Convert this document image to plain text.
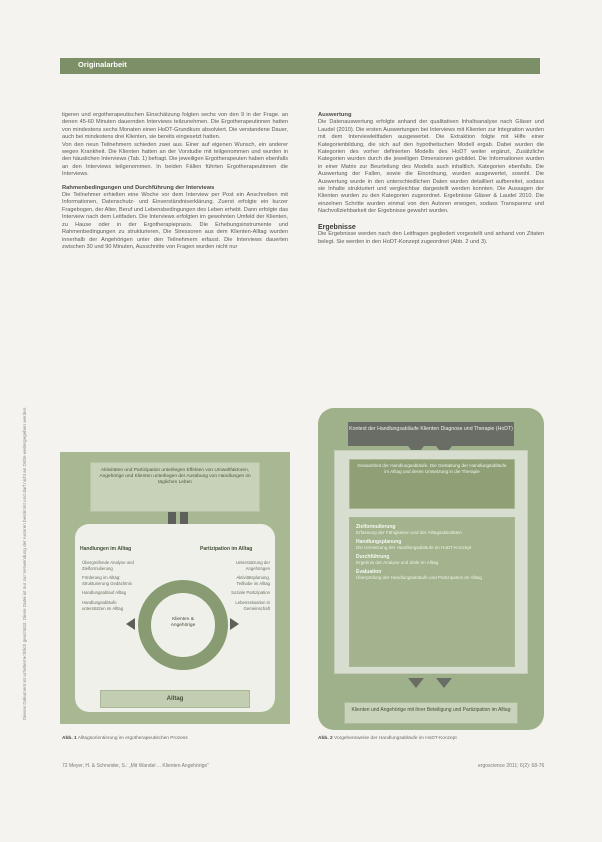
Originalarbeit
Dieses Dokument ist urheberrechtlich geschützt. Diese Datei ist nur zur Verwendung der Autoren bestimmt und darf nicht an Dritte weitergegeben werden.

tigeren und ergotherapeutischen Einschätzung folgten sechs von den 9 in der Frage. an denen 45-60 Minuten dauernden Interviews teilzunehmen. Die Ergotherapeutinnen hatten von mindestens sechs Monaten einen HoDT-Grundkurs absolviert. Die verstandene Dauer, auch bei mindestens drei Klienten, sie bereits eingesetzt hatten.

Von den neun Teilnehmern schieden zwei aus. Einer auf eigenen Wunsch, ein anderer wegen Krankheit. Die Klienten hatten an der Vorstudie mit teilgenommen und wurden in den häuslichen Interviews (Tab. 1) befragt. Die jeweiligen Ergotherapeuten haben ebenfalls an den Interviews teilgenommen. In beiden Fällen führten Ergotherapeutinnen die Interviews.

Rahmenbedingungen und Durchführung der Interviews

Die Teilnehmer erhielten eine Woche vor dem Interview per Post ein Anschreiben mit Informationen, Datenschutz- und Einverständniserklärung. Zuerst erfolgte ein kurzer Fragebogen, der Alter, Beruf und Lebensbedingungen des Leben erhebt. Dann erfolgte das Interview nach dem Leitfaden. Die Interviews erfolgten im gewohnten Umfeld der Klienten, zu Hause oder in der Ergotherapiepraxis. Die Erhebungsinstrumente und Rahmenbedingungen zu strukturieren, Die Stressoren aus dem Klienten-Alltag wurden innerhalb der Angehörigen unter den Teilnehmern erfasst. Die Interviews dauerten zwischen 30 und 90 Minuten, Ausschnitte von Fragen wurden nicht nur

Auswertung

Die Datenauswertung erfolgte anhand der qualitativen Inhaltsanalyse nach Gläser und Laudel (2010). Die ersten Auswertungen bei Interviews mit Klienten zur Integration wurden mit dem Interviewleitfaden ausgewertet. Die Extraktion folgte mit Hilfe einer Kategorienbildung, die sich auf den hypothetischen Modell ergab. Dabei wurden die Kategorien des vorher definierten Modells des HoDT weiter ergänzt, Zusätzliche Kategorien wurden durch die jeweiligen Dimensionen gebildet. Die Informationen wurden in einer Matrix zur Beurteilung des Modells auch inhaltlich. Kategorien ebenfalls. Die Auswertung der Fallen, sowie die Einordnung, wurden ausgewertet, sowohl. Die Auswertung wurde in den unterschiedlichen Daten wurden detailliert aufbereitet, sodass sie Inhalte strukturiert und vergleichbar dargestellt werden konnten. Die Aussagen der Klienten wurden zu den Kategorien zugeordnet. Ergebnisse Gläser & Laudel 2010. Die einzelnen Schritte wurden einmal von den Autoren erwogen, sodass Transparenz und Nachvollziehbarkeit der Ergebnisse gewahrt wurden.

Ergebnisse

Die Ergebnisse werden nach den Leitfragen gegliedert vorgestellt und anhand von Zitaten belegt. Sie werden in den HoDT-Konzept zugeordnet (Abb. 2 und 3).

Aktivitäten und Partizipation unterliegen Effekten von Umweltfaktoren, Angehörige und Klienten unterliegen der Ausübung von Handlungen im täglichen Leben
Handlungen im Alltag	Partizipation im Alltag
Übergreifende Analyse und Zielformulierung
Förderung im Alltag: Strukturierung Gedächtnis
Handlungsablauf Alltag
Handlungsabläufe unterstützen im Alltag
Unterstützung der Angehörigen
Aktivitätsplanung, Teilhabe im Alltag
Soziale Partizipation
Lebenssituation in Gemeinschaft
Klienten & Angehörige
Alltag
Kontext der Handlungsabläufe Klienten Diagnose und Therapie (HoDT)
Gesamtheit der Handlungsabläufe. Die Gestaltung der Handlungsabläufe im Alltag und deren Umsetzung in die Therapie
Zielformulierung
Erfassung der Fähigkeiten und der Alltagsaktivitäten
Handlungsplanung
Die Umsetzung der Handlungsabläufe im HoDT-Konzept
Durchführung
Ergebnis der Analyse und Ziele im Alltag
Evaluation
Überprüfung der Handlungsabläufe und Partizipation im Alltag
Klienten und Angehörige mit ihrer Beteiligung und Partizipation im Alltag
Abb. 1 Alltagsorientierung im ergotherapeutischen Prozess	Abb. 2 Vorgehensweise der Handlungsabläufe im HoDT-Konzept
72 Meyer, H. & Schneider, S.: „Mit Wandel ... Klienten Angehörige“	ergoscience 2011; 6(2): 68-76
